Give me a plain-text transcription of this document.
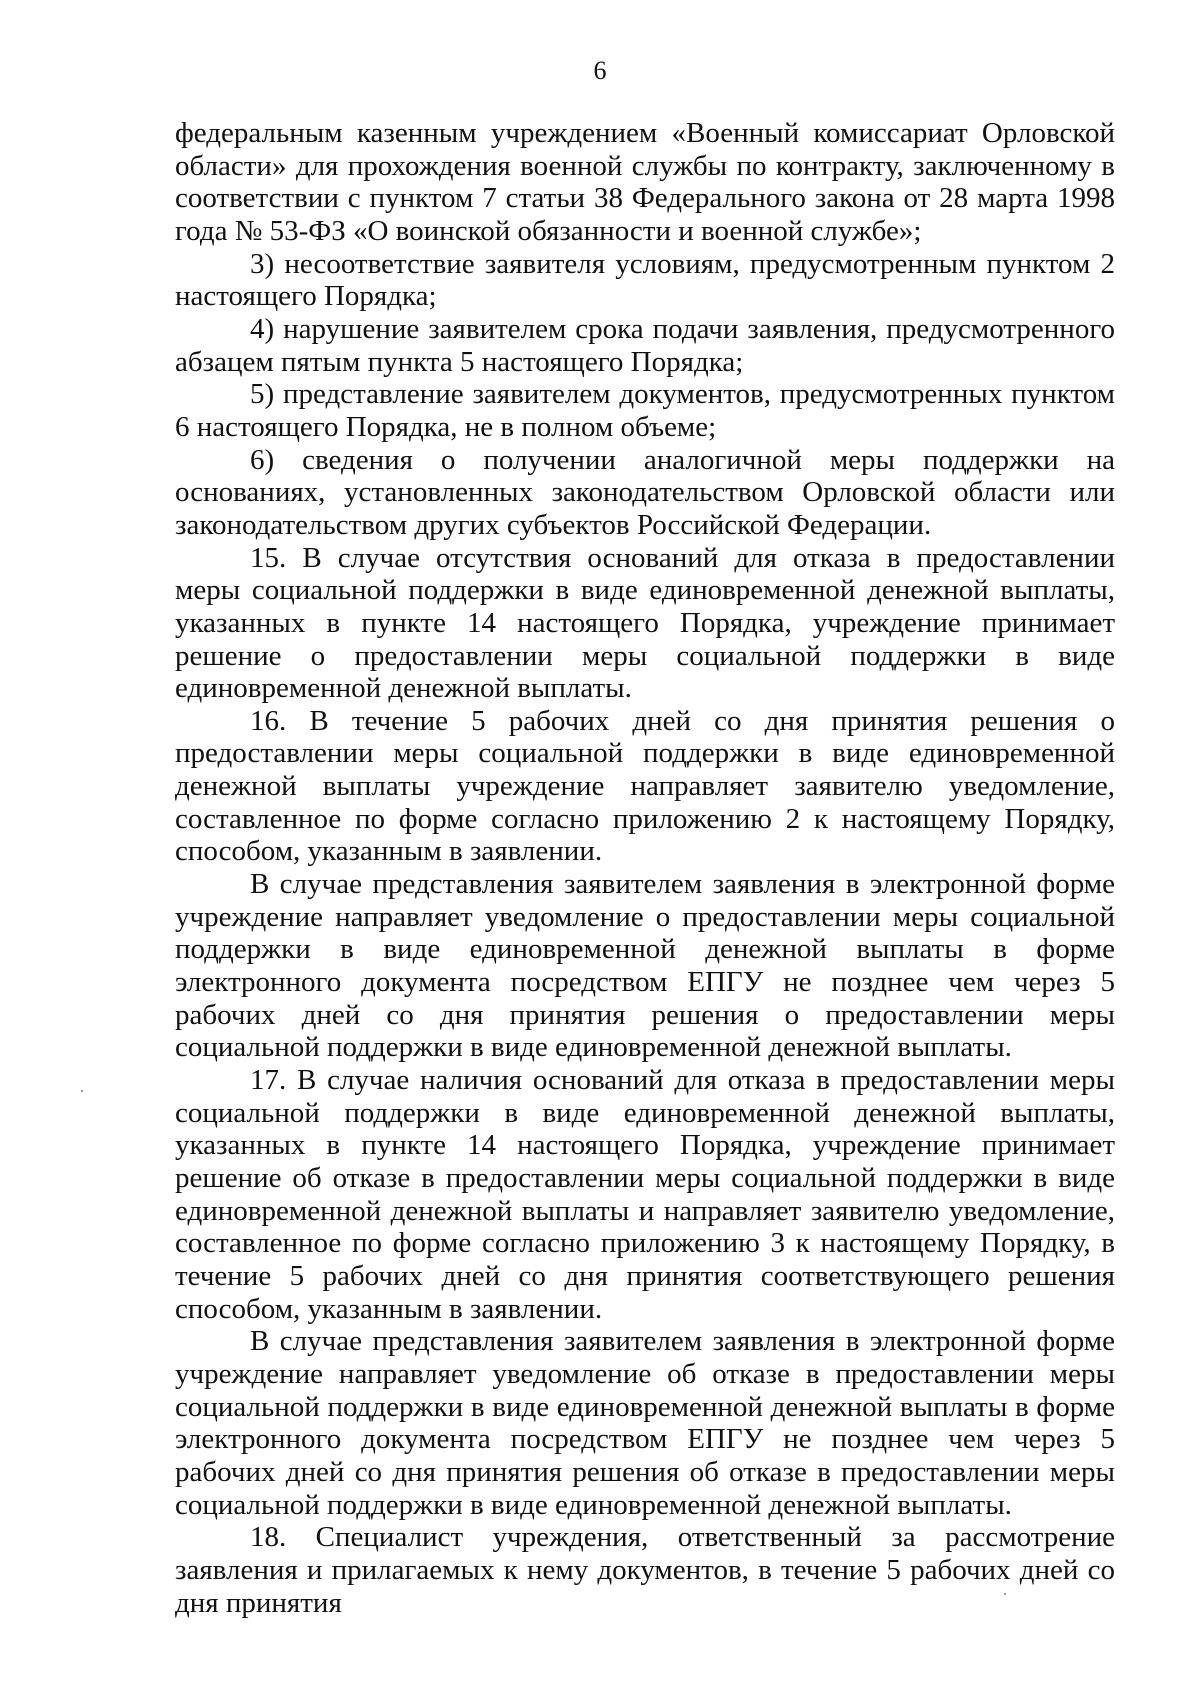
6

федеральным казенным учреждением «Военный комиссариат Орловской области» для прохождения военной службы по контракту, заключенному в соответствии с пунктом 7 статьи 38 Федерального закона от 28 марта 1998 года № 53-ФЗ «О воинской обязанности и военной службе»;

3) несоответствие заявителя условиям, предусмотренным пунктом 2 настоящего Порядка;

4) нарушение заявителем срока подачи заявления, предусмотренного абзацем пятым пункта 5 настоящего Порядка;

5) представление заявителем документов, предусмотренных пунктом 6 настоящего Порядка, не в полном объеме;

6) сведения о получении аналогичной меры поддержки на основаниях, установленных законодательством Орловской области или законодательством других субъектов Российской Федерации.

15. В случае отсутствия оснований для отказа в предоставлении меры социальной поддержки в виде единовременной денежной выплаты, указанных в пункте 14 настоящего Порядка, учреждение принимает решение о предоставлении меры социальной поддержки в виде единовременной денежной выплаты.

16. В течение 5 рабочих дней со дня принятия решения о предоставлении меры социальной поддержки в виде единовременной денежной выплаты учреждение направляет заявителю уведомление, составленное по форме согласно приложению 2 к настоящему Порядку, способом, указанным в заявлении.

В случае представления заявителем заявления в электронной форме учреждение направляет уведомление о предоставлении меры социальной поддержки в виде единовременной денежной выплаты в форме электронного документа посредством ЕПГУ не позднее чем через 5 рабочих дней со дня принятия решения о предоставлении меры социальной поддержки в виде единовременной денежной выплаты.

17. В случае наличия оснований для отказа в предоставлении меры социальной поддержки в виде единовременной денежной выплаты, указанных в пункте 14 настоящего Порядка, учреждение принимает решение об отказе в предоставлении меры социальной поддержки в виде единовременной денежной выплаты и направляет заявителю уведомление, составленное по форме согласно приложению 3 к настоящему Порядку, в течение 5 рабочих дней со дня принятия соответствующего решения способом, указанным в заявлении.

В случае представления заявителем заявления в электронной форме учреждение направляет уведомление об отказе в предоставлении меры социальной поддержки в виде единовременной денежной выплаты в форме электронного документа посредством ЕПГУ не позднее чем через 5 рабочих дней со дня принятия решения об отказе в предоставлении меры социальной поддержки в виде единовременной денежной выплаты.

18. Специалист учреждения, ответственный за рассмотрение заявления и прилагаемых к нему документов, в течение 5 рабочих дней со дня принятия
